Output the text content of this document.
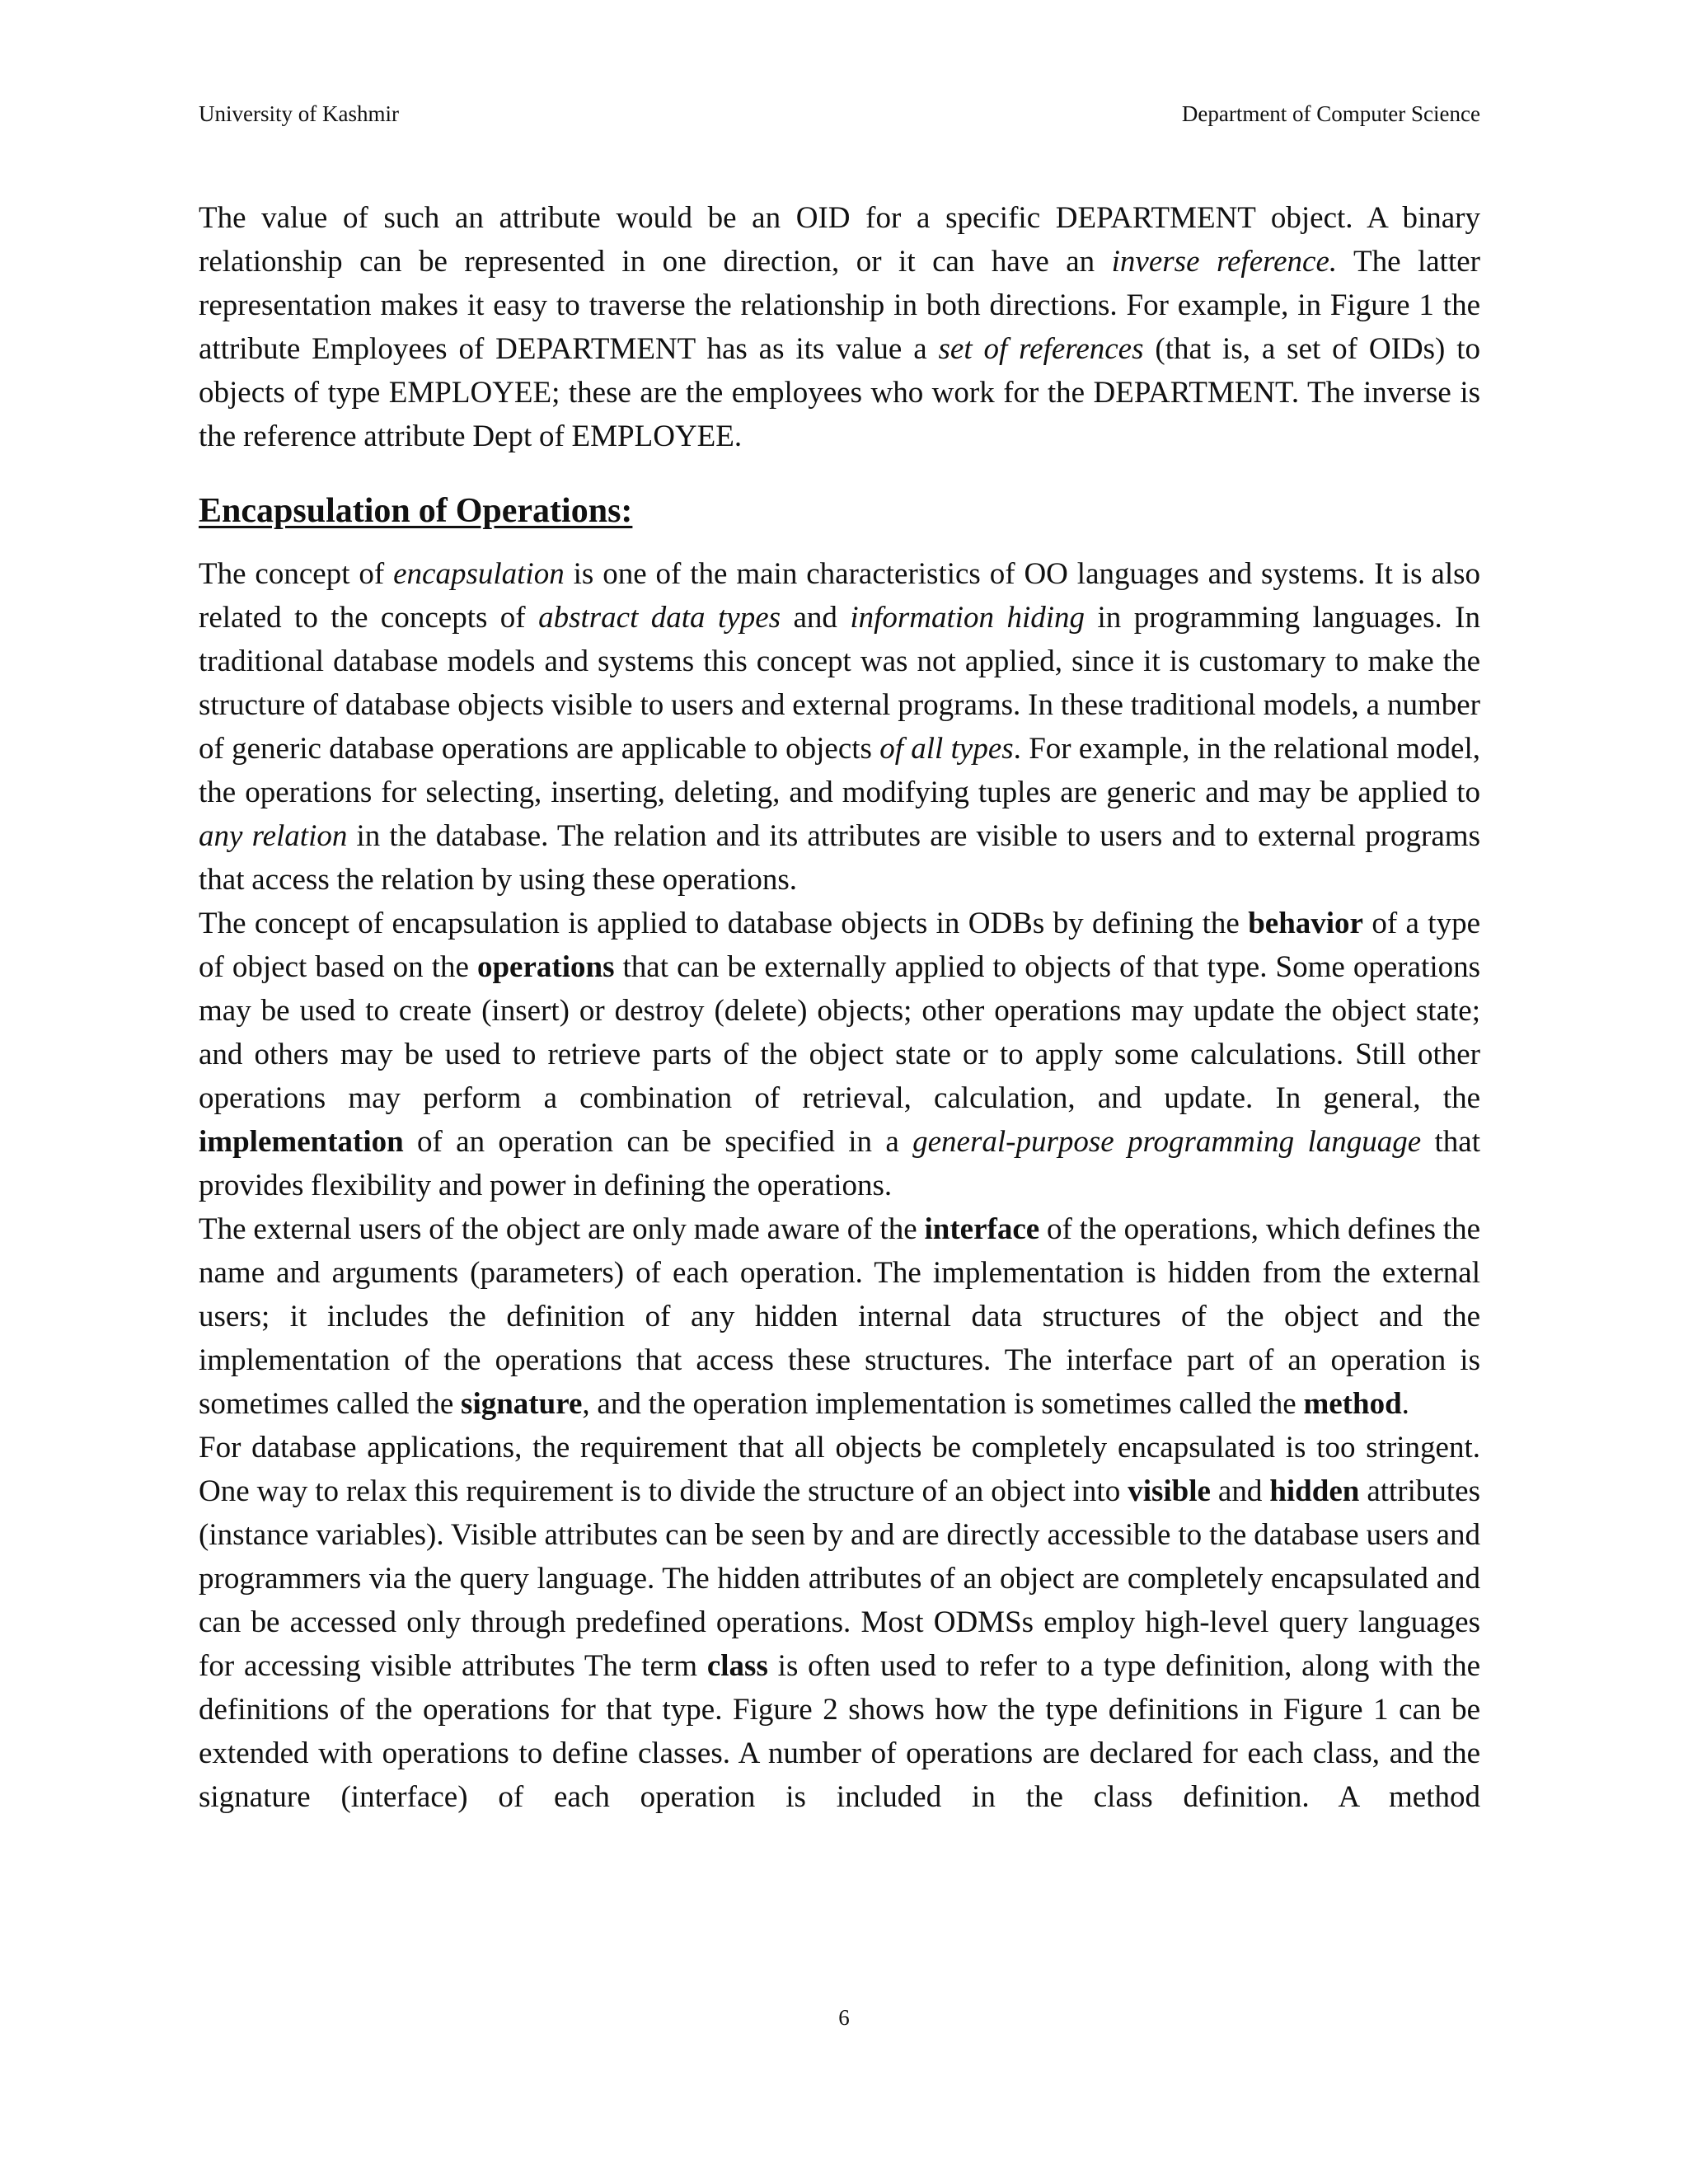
University of Kashmir	Department of Computer Science

The value of such an attribute would be an OID for a specific DEPARTMENT object. A binary relationship can be represented in one direction, or it can have an inverse reference. The latter representation makes it easy to traverse the relationship in both directions. For example, in Figure 1 the attribute Employees of DEPARTMENT has as its value a set of references (that is, a set of OIDs) to objects of type EMPLOYEE; these are the employees who work for the DEPARTMENT. The inverse is the reference attribute Dept of EMPLOYEE.

Encapsulation of Operations:

The concept of encapsulation is one of the main characteristics of OO languages and systems. It is also related to the concepts of abstract data types and information hiding in programming languages. In traditional database models and systems this concept was not applied, since it is customary to make the structure of database objects visible to users and external programs. In these traditional models, a number of generic database operations are applicable to objects of all types. For example, in the relational model, the operations for selecting, inserting, deleting, and modifying tuples are generic and may be applied to any relation in the database. The relation and its attributes are visible to users and to external programs that access the relation by using these operations.

The concept of encapsulation is applied to database objects in ODBs by defining the behavior of a type of object based on the operations that can be externally applied to objects of that type. Some operations may be used to create (insert) or destroy (delete) objects; other operations may update the object state; and others may be used to retrieve parts of the object state or to apply some calculations. Still other operations may perform a combination of retrieval, calculation, and update. In general, the implementation of an operation can be specified in a general-purpose programming language that provides flexibility and power in defining the operations.

The external users of the object are only made aware of the interface of the operations, which defines the name and arguments (parameters) of each operation. The implementation is hidden from the external users; it includes the definition of any hidden internal data structures of the object and the implementation of the operations that access these structures. The interface part of an operation is sometimes called the signature, and the operation implementation is sometimes called the method.

For database applications, the requirement that all objects be completely encapsulated is too stringent. One way to relax this requirement is to divide the structure of an object into visible and hidden attributes (instance variables). Visible attributes can be seen by and are directly accessible to the database users and programmers via the query language. The hidden attributes of an object are completely encapsulated and can be accessed only through predefined operations. Most ODMSs employ high-level query languages for accessing visible attributes The term class is often used to refer to a type definition, along with the definitions of the operations for that type. Figure 2 shows how the type definitions in Figure 1 can be extended with operations to define classes. A number of operations are declared for each class, and the signature (interface) of each operation is included in the class definition. A method

6
